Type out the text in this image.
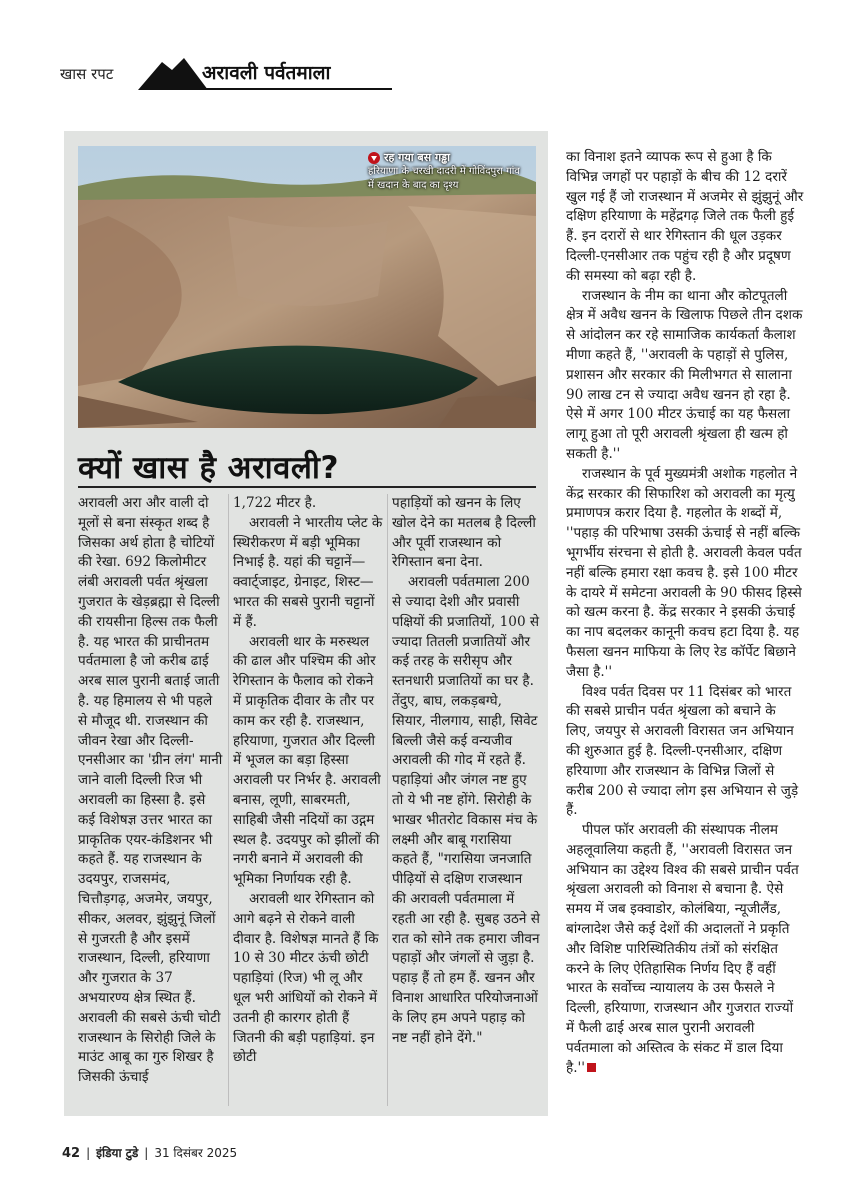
खास रपट	अरावली पर्वतमाला
रह गया बस गड्ढा
हरियाणा के चरखी दादरी में गोविंदपुरा गांव में खदान के बाद का दृश्य
क्यों खास है अरावली?

अरावली अरा और वाली दो मूलों से बना संस्कृत शब्द है जिसका अर्थ होता है चोटियों की रेखा. 692 किलोमीटर लंबी अरावली पर्वत श्रृंखला गुजरात के खेड़ब्रह्मा से दिल्ली की रायसीना हिल्स तक फैली है. यह भारत की प्राचीनतम पर्वतमाला है जो करीब ढाई अरब साल पुरानी बताई जाती है. यह हिमालय से भी पहले से मौजूद थी. राजस्थान की जीवन रेखा और दिल्ली-एनसीआर का 'ग्रीन लंग' मानी जाने वाली दिल्ली रिज भी अरावली का हिस्सा है. इसे कई विशेषज्ञ उत्तर भारत का प्राकृतिक एयर-कंडिशनर भी कहते हैं. यह राजस्थान के उदयपुर, राजसमंद, चित्तौड़गढ़, अजमेर, जयपुर, सीकर, अलवर, झुंझुनूं जिलों से गुजरती है और इसमें राजस्थान, दिल्ली, हरियाणा और गुजरात के 37 अभयारण्य क्षेत्र स्थित हैं. अरावली की सबसे ऊंची चोटी राजस्थान के सिरोही जिले के माउंट आबू का गुरु शिखर है जिसकी ऊंचाई

1,722 मीटर है.

अरावली ने भारतीय प्लेट के स्थिरीकरण में बड़ी भूमिका निभाई है. यहां की चट्टानें—क्वार्ट्जाइट, ग्रेनाइट, शिस्ट—भारत की सबसे पुरानी चट्टानों में हैं.

अरावली थार के मरुस्थल की ढाल और पश्चिम की ओर रेगिस्तान के फैलाव को रोकने में प्राकृतिक दीवार के तौर पर काम कर रही है. राजस्थान, हरियाणा, गुजरात और दिल्ली में भूजल का बड़ा हिस्सा अरावली पर निर्भर है. अरावली बनास, लूणी, साबरमती, साहिबी जैसी नदियों का उद्गम स्थल है. उदयपुर को झीलों की नगरी बनाने में अरावली की भूमिका निर्णायक रही है.

अरावली थार रेगिस्तान को आगे बढ़ने से रोकने वाली दीवार है. विशेषज्ञ मानते हैं कि 10 से 30 मीटर ऊंची छोटी पहाड़ियां (रिज) भी लू और धूल भरी आंधियों को रोकने में उतनी ही कारगर होती हैं जितनी की बड़ी पहाड़ियां. इन छोटी

पहाड़ियों को खनन के लिए खोल देने का मतलब है दिल्ली और पूर्वी राजस्थान को रेगिस्तान बना देना.

अरावली पर्वतमाला 200 से ज्यादा देशी और प्रवासी पक्षियों की प्रजातियों, 100 से ज्यादा तितली प्रजातियों और कई तरह के सरीसृप और स्तनधारी प्रजातियों का घर है. तेंदुए, बाघ, लकड़बग्घे, सियार, नीलगाय, साही, सिवेट बिल्ली जैसे कई वन्यजीव अरावली की गोद में रहते हैं. पहाड़ियां और जंगल नष्ट हुए तो ये भी नष्ट होंगे. सिरोही के भाखर भीतरोट विकास मंच के लक्ष्मी और बाबू गरासिया कहते हैं, "गरासिया जनजाति पीढ़ियों से दक्षिण राजस्थान की अरावली पर्वतमाला में रहती आ रही है. सुबह उठने से रात को सोने तक हमारा जीवन पहाड़ों और जंगलों से जुड़ा है. पहाड़ हैं तो हम हैं. खनन और विनाश आधारित परियोजनाओं के लिए हम अपने पहाड़ को नष्ट नहीं होने देंगे."

का विनाश इतने व्यापक रूप से हुआ है कि विभिन्न जगहों पर पहाड़ों के बीच की 12 दरारें खुल गई हैं जो राजस्थान में अजमेर से झुंझुनूं और दक्षिण हरियाणा के महेंद्रगढ़ जिले तक फैली हुई हैं. इन दरारों से थार रेगिस्तान की धूल उड़कर दिल्ली-एनसीआर तक पहुंच रही है और प्रदूषण की समस्या को बढ़ा रही है.

राजस्थान के नीम का थाना और कोटपूतली क्षेत्र में अवैध खनन के खिलाफ पिछले तीन दशक से आंदोलन कर रहे सामाजिक कार्यकर्ता कैलाश मीणा कहते हैं, ''अरावली के पहाड़ों से पुलिस, प्रशासन और सरकार की मिलीभगत से सालाना 90 लाख टन से ज्यादा अवैध खनन हो रहा है. ऐसे में अगर 100 मीटर ऊंचाई का यह फैसला लागू हुआ तो पूरी अरावली श्रृंखला ही खत्म हो सकती है.''

राजस्थान के पूर्व मुख्यमंत्री अशोक गहलोत ने केंद्र सरकार की सिफारिश को अरावली का मृत्यु प्रमाणपत्र करार दिया है. गहलोत के शब्दों में, ''पहाड़ की परिभाषा उसकी ऊंचाई से नहीं बल्कि भूगर्भीय संरचना से होती है. अरावली केवल पर्वत नहीं बल्कि हमारा रक्षा कवच है. इसे 100 मीटर के दायरे में समेटना अरावली के 90 फीसद हिस्से को खत्म करना है. केंद्र सरकार ने इसकी ऊंचाई का नाप बदलकर कानूनी कवच हटा दिया है. यह फैसला खनन माफिया के लिए रेड कॉर्पेट बिछाने जैसा है.''

विश्व पर्वत दिवस पर 11 दिसंबर को भारत की सबसे प्राचीन पर्वत श्रृंखला को बचाने के लिए, जयपुर से अरावली विरासत जन अभियान की शुरुआत हुई है. दिल्ली-एनसीआर, दक्षिण हरियाणा और राजस्थान के विभिन्न जिलों से करीब 200 से ज्यादा लोग इस अभियान से जुड़े हैं.

पीपल फॉर अरावली की संस्थापक नीलम अहलूवालिया कहती हैं, ''अरावली विरासत जन अभियान का उद्देश्य विश्व की सबसे प्राचीन पर्वत श्रृंखला अरावली को विनाश से बचाना है. ऐसे समय में जब इक्वाडोर, कोलंबिया, न्यूजीलैंड, बांग्लादेश जैसे कई देशों की अदालतों ने प्रकृति और विशिष्ट पारिस्थितिकीय तंत्रों को संरक्षित करने के लिए ऐतिहासिक निर्णय दिए हैं वहीं भारत के सर्वोच्च न्यायालय के उस फैसले ने दिल्ली, हरियाणा, राजस्थान और गुजरात राज्यों में फैली ढाई अरब साल पुरानी अरावली पर्वतमाला को अस्तित्व के संकट में डाल दिया है.''

42 | इंडिया टुडे | 31 दिसंबर 2025
